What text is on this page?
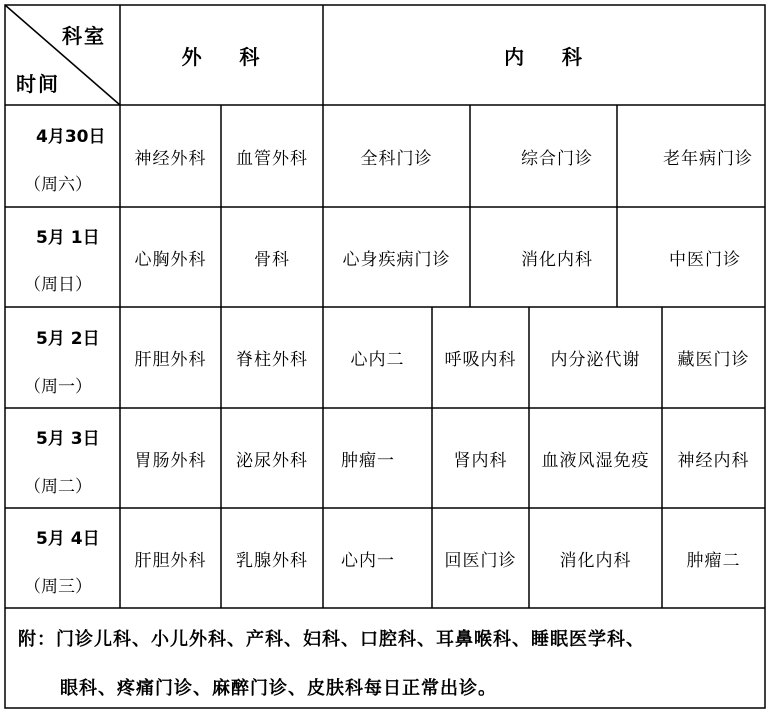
科室
时间
外    科	内    科
4月30日
（周六）
神经外科	血管外科	全科门诊	综合门诊	老年病门诊
5月 1日
（周日）
心胸外科	骨科	心身疾病门诊	消化内科	中医门诊
5月 2日
（周一）
肝胆外科	脊柱外科	心内二	呼吸内科	内分泌代谢	藏医门诊
5月 3日
（周二）
胃肠外科	泌尿外科	肿瘤一	肾内科	血液风湿免疫	神经内科
5月 4日
（周三）
肝胆外科	乳腺外科	心内一	回医门诊	消化内科	肿瘤二
附：门诊儿科、小儿外科、产科、妇科、口腔科、耳鼻喉科、睡眠医学科、
眼科、疼痛门诊、麻醉门诊、皮肤科每日正常出诊。
